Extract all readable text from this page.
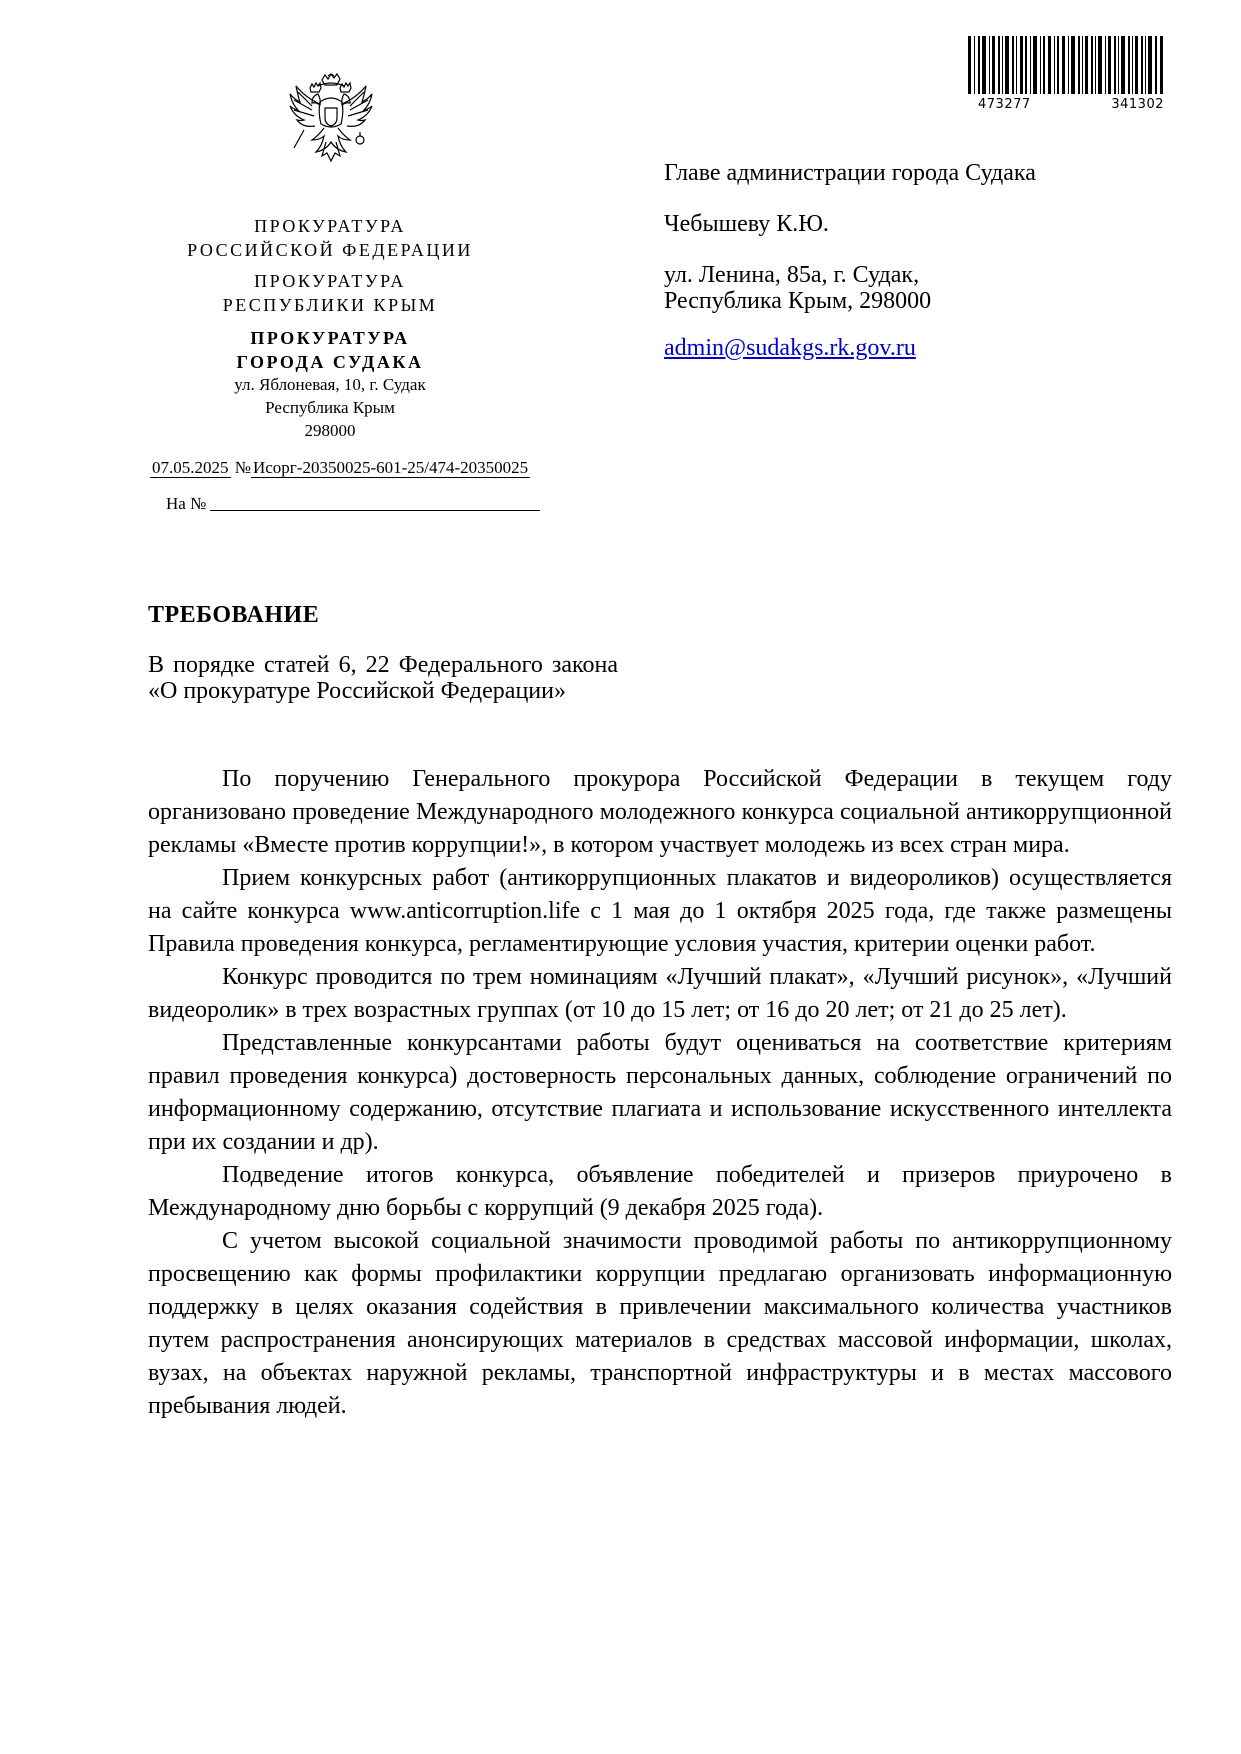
473277	341302
ПРОКУРАТУРА
РОССИЙСКОЙ ФЕДЕРАЦИИ
ПРОКУРАТУРА
РЕСПУБЛИКИ КРЫМ
ПРОКУРАТУРА
ГОРОДА СУДАКА
ул. Яблоневая, 10, г. Судак
Республика Крым
298000
07.05.2025 № Исорг-20350025-601-25/474-20350025
На №
Главе администрации города Судака
Чебышеву К.Ю.
ул. Ленина, 85а, г. Судак,
Республика Крым, 298000
admin@sudakgs.rk.gov.ru
ТРЕБОВАНИЕ
В порядке статей 6, 22 Федерального закона «О прокуратуре Российской Федерации»

По поручению Генерального прокурора Российской Федерации в текущем году организовано проведение Международного молодежного конкурса социальной антикоррупционной рекламы «Вместе против коррупции!», в котором участвует молодежь из всех стран мира.

Прием конкурсных работ (антикоррупционных плакатов и видеороликов) осуществляется на сайте конкурса www.anticorruption.life с 1 мая до 1 октября 2025 года, где также размещены Правила проведения конкурса, регламентирующие условия участия, критерии оценки работ.

Конкурс проводится по трем номинациям «Лучший плакат», «Лучший рисунок», «Лучший видеоролик» в трех возрастных группах (от 10 до 15 лет; от 16 до 20 лет; от 21 до 25 лет).

Представленные конкурсантами работы будут оцениваться на соответствие критериям правил проведения конкурса) достоверность персональных данных, соблюдение ограничений по информационному содержанию, отсутствие плагиата и использование искусственного интеллекта при их создании и др).

Подведение итогов конкурса, объявление победителей и призеров приурочено в Международному дню борьбы с коррупций (9 декабря 2025 года).

С учетом высокой социальной значимости проводимой работы по антикоррупционному просвещению как формы профилактики коррупции предлагаю организовать информационную поддержку в целях оказания содействия в привлечении максимального количества участников путем распространения анонсирующих материалов в средствах массовой информации, школах, вузах, на объектах наружной рекламы, транспортной инфраструктуры и в местах массового пребывания людей.
